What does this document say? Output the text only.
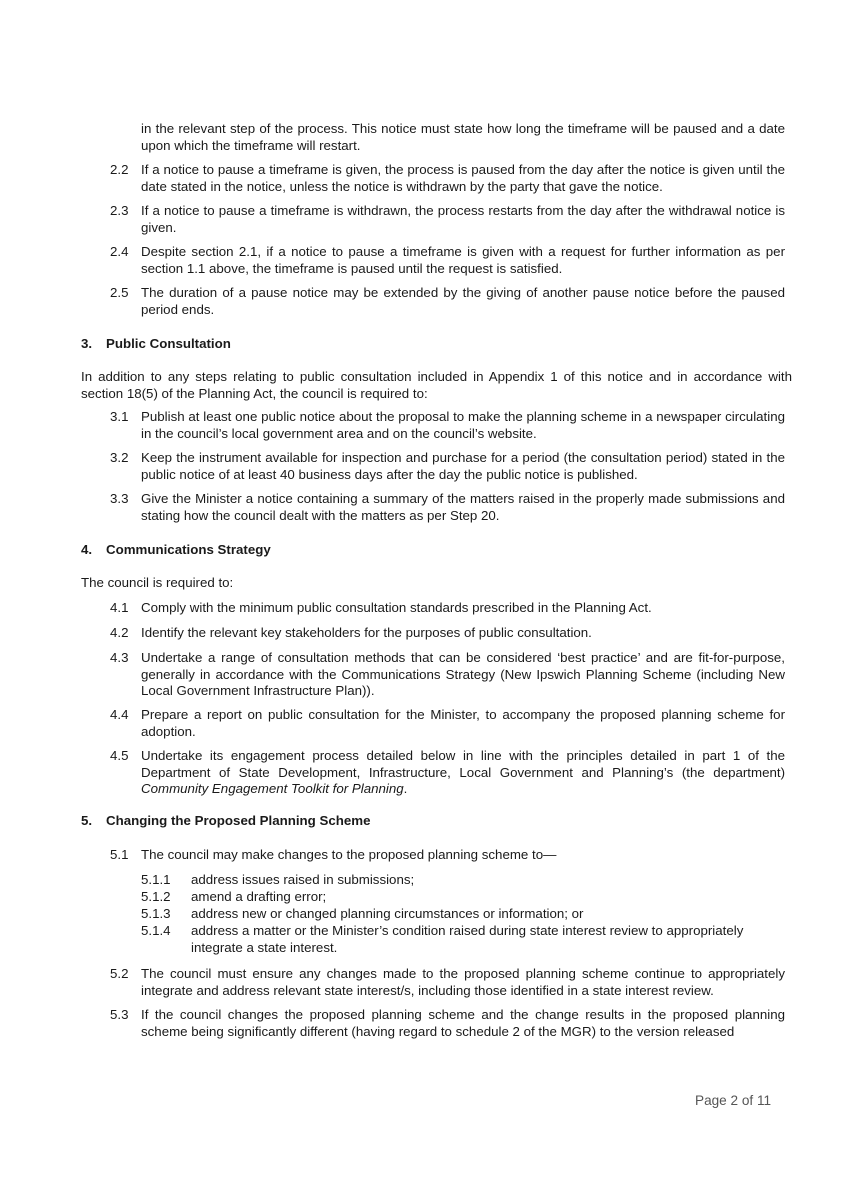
in the relevant step of the process. This notice must state how long the timeframe will be paused and a date upon which the timeframe will restart.
2.2 If a notice to pause a timeframe is given, the process is paused from the day after the notice is given until the date stated in the notice, unless the notice is withdrawn by the party that gave the notice.
2.3 If a notice to pause a timeframe is withdrawn, the process restarts from the day after the withdrawal notice is given.
2.4 Despite section 2.1, if a notice to pause a timeframe is given with a request for further information as per section 1.1 above, the timeframe is paused until the request is satisfied.
2.5 The duration of a pause notice may be extended by the giving of another pause notice before the paused period ends.
3. Public Consultation
In addition to any steps relating to public consultation included in Appendix 1 of this notice and in accordance with section 18(5) of the Planning Act, the council is required to:
3.1 Publish at least one public notice about the proposal to make the planning scheme in a newspaper circulating in the council’s local government area and on the council’s website.
3.2 Keep the instrument available for inspection and purchase for a period (the consultation period) stated in the public notice of at least 40 business days after the day the public notice is published.
3.3 Give the Minister a notice containing a summary of the matters raised in the properly made submissions and stating how the council dealt with the matters as per Step 20.
4. Communications Strategy
The council is required to:
4.1 Comply with the minimum public consultation standards prescribed in the Planning Act.
4.2 Identify the relevant key stakeholders for the purposes of public consultation.
4.3 Undertake a range of consultation methods that can be considered ‘best practice’ and are fit-for-purpose, generally in accordance with the Communications Strategy (New Ipswich Planning Scheme (including New Local Government Infrastructure Plan)).
4.4 Prepare a report on public consultation for the Minister, to accompany the proposed planning scheme for adoption.
4.5 Undertake its engagement process detailed below in line with the principles detailed in part 1 of the Department of State Development, Infrastructure, Local Government and Planning’s (the department) Community Engagement Toolkit for Planning.
5. Changing the Proposed Planning Scheme
5.1 The council may make changes to the proposed planning scheme to—
5.1.1	address issues raised in submissions;
5.1.2	amend a drafting error;
5.1.3	address new or changed planning circumstances or information; or
5.1.4	address a matter or the Minister’s condition raised during state interest review to appropriately integrate a state interest.
5.2 The council must ensure any changes made to the proposed planning scheme continue to appropriately integrate and address relevant state interest/s, including those identified in a state interest review.
5.3 If the council changes the proposed planning scheme and the change results in the proposed planning scheme being significantly different (having regard to schedule 2 of the MGR) to the version released
Page 2 of 11
